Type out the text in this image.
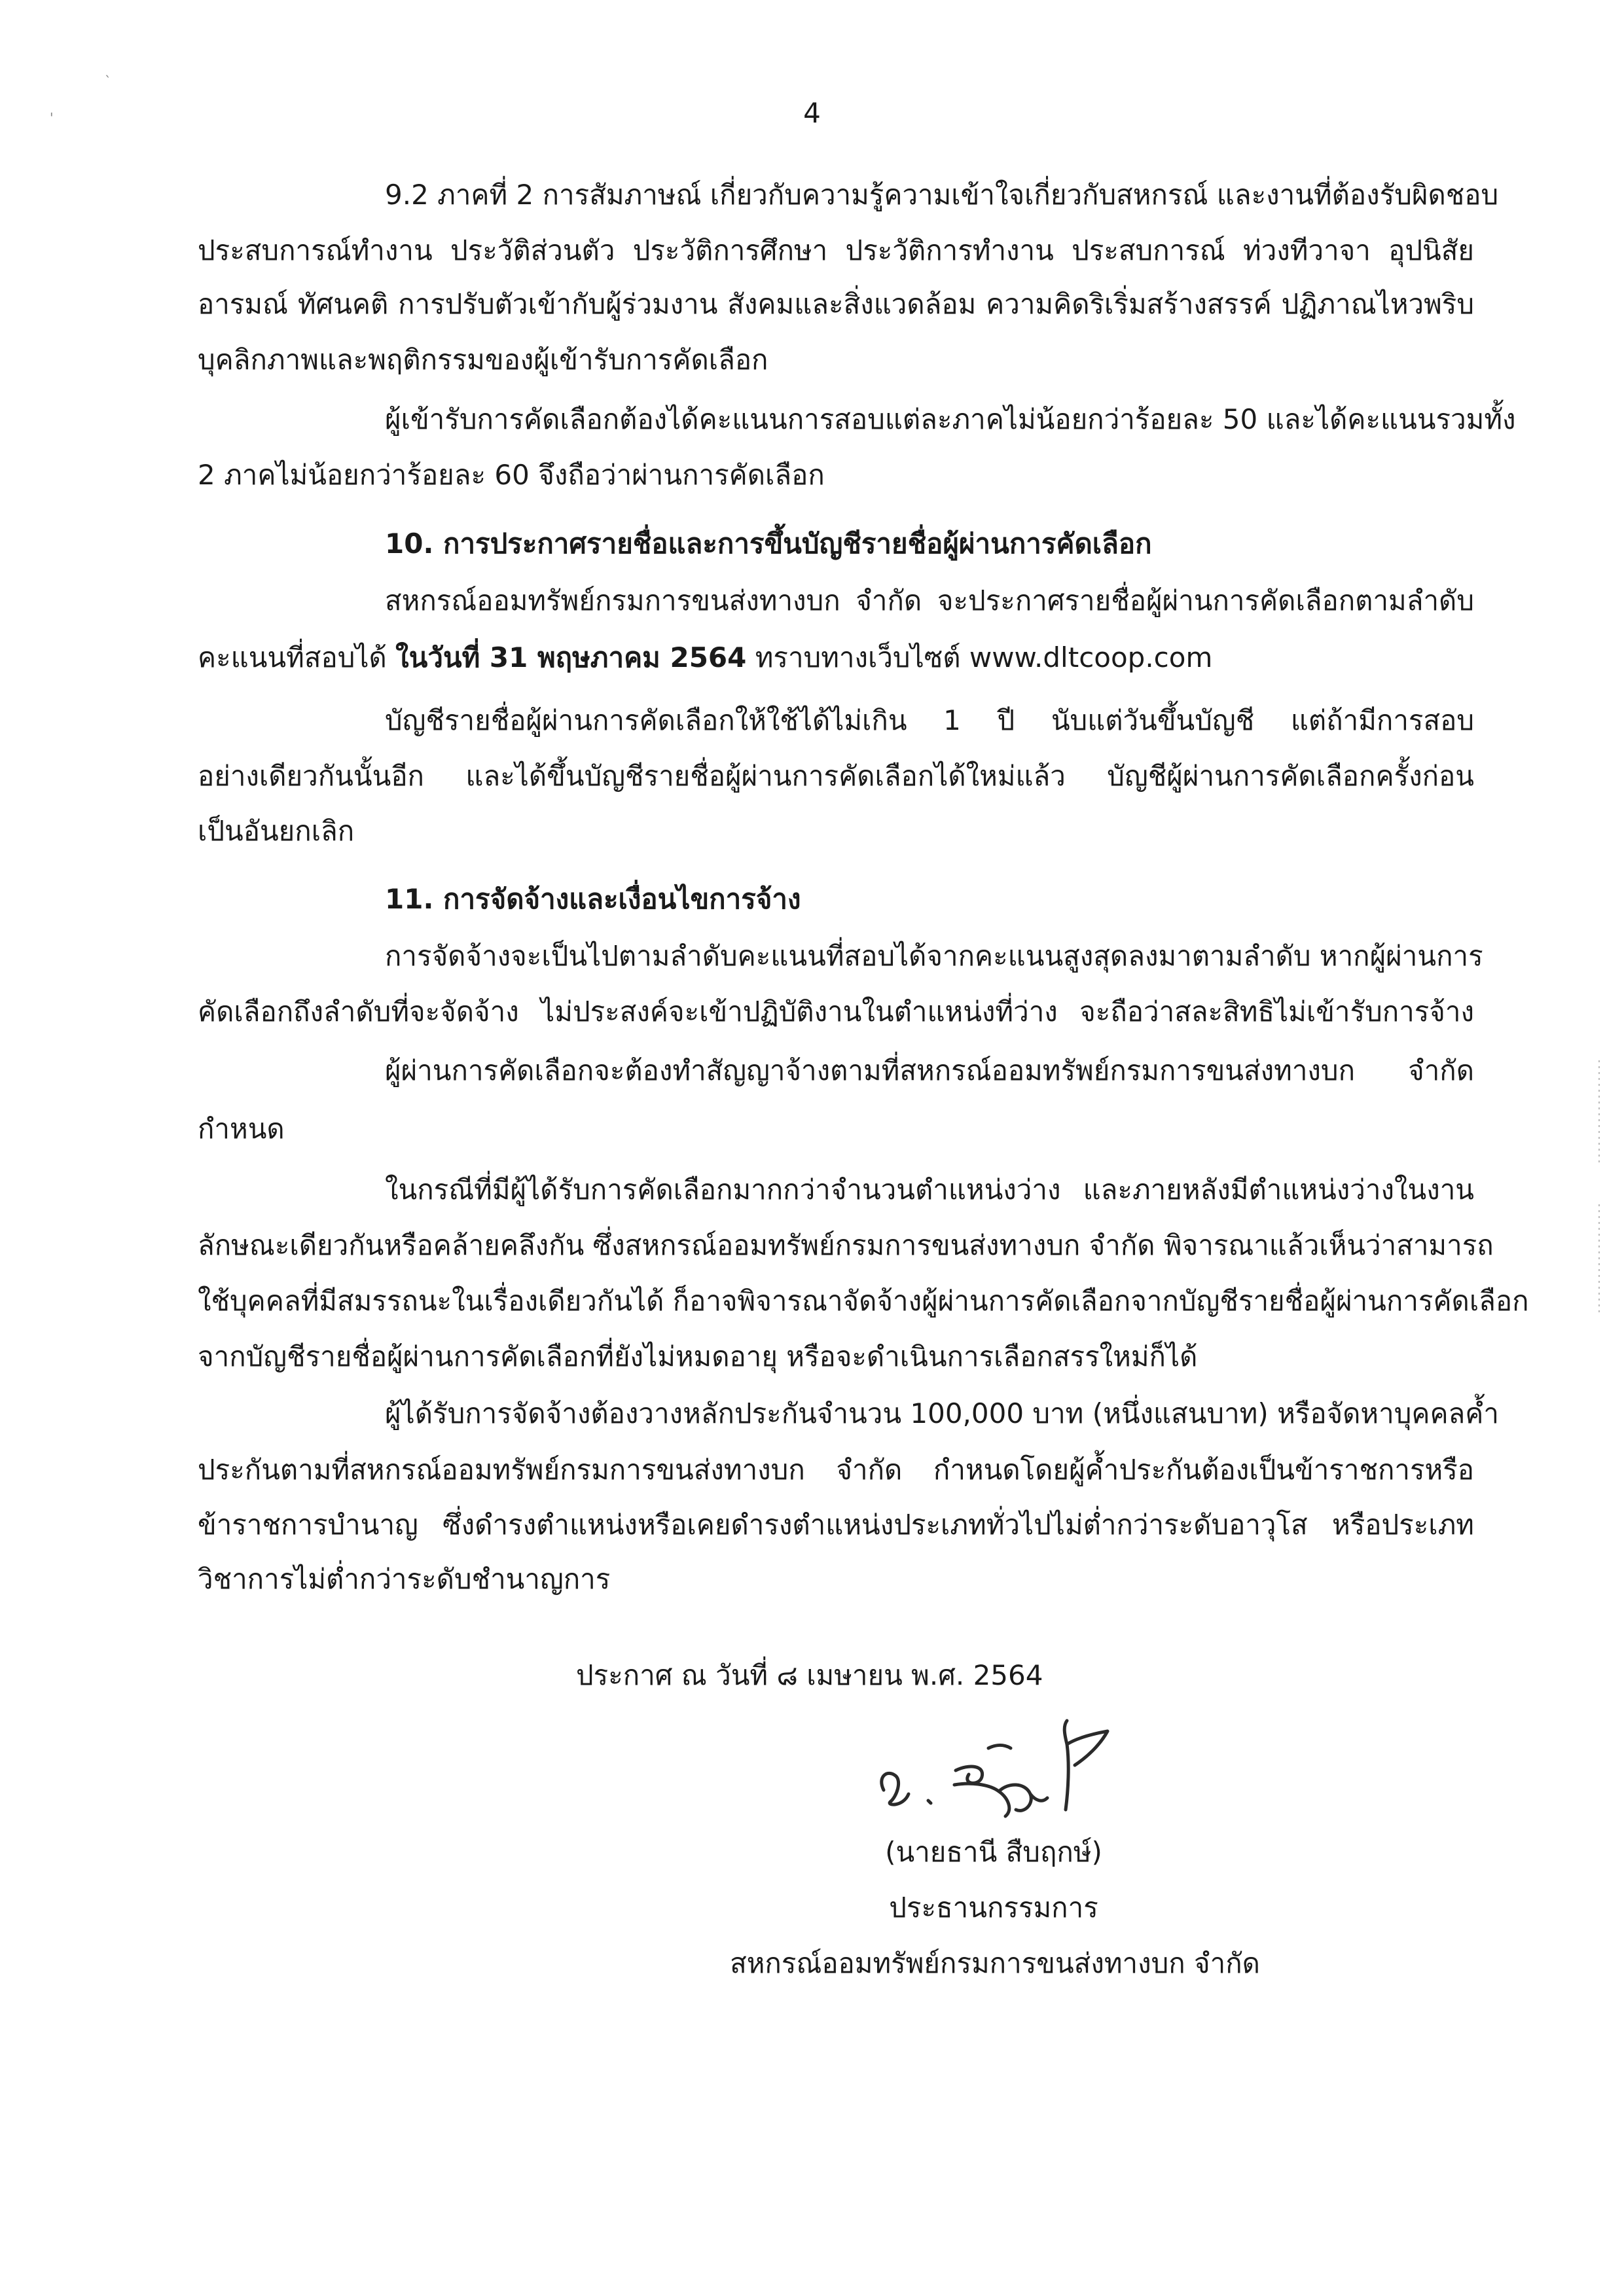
`
'	4
9.2 ภาคที่ 2 การสัมภาษณ์ เกี่ยวกับความรู้ความเข้าใจเกี่ยวกับสหกรณ์ และงานที่ต้องรับผิดชอบ
ประสบการณ์ทำงาน ประวัติส่วนตัว ประวัติการศึกษา ประวัติการทำงาน ประสบการณ์ ท่วงทีวาจา อุปนิสัย
อารมณ์ ทัศนคติ การปรับตัวเข้ากับผู้ร่วมงาน สังคมและสิ่งแวดล้อม ความคิดริเริ่มสร้างสรรค์ ปฏิภาณไหวพริบ
บุคลิกภาพและพฤติกรรมของผู้เข้ารับการคัดเลือก
ผู้เข้ารับการคัดเลือกต้องได้คะแนนการสอบแต่ละภาคไม่น้อยกว่าร้อยละ 50 และได้คะแนนรวมทั้ง
2 ภาคไม่น้อยกว่าร้อยละ 60 จึงถือว่าผ่านการคัดเลือก
10. การประกาศรายชื่อและการขึ้นบัญชีรายชื่อผู้ผ่านการคัดเลือก
สหกรณ์ออมทรัพย์กรมการขนส่งทางบก จำกัด จะประกาศรายชื่อผู้ผ่านการคัดเลือกตามลำดับ
คะแนนที่สอบได้ ในวันที่ 31 พฤษภาคม 2564 ทราบทางเว็บไซต์ www.dltcoop.com
บัญชีรายชื่อผู้ผ่านการคัดเลือกให้ใช้ได้ไม่เกิน 1 ปี นับแต่วันขึ้นบัญชี แต่ถ้ามีการสอบ
อย่างเดียวกันนั้นอีก และได้ขึ้นบัญชีรายชื่อผู้ผ่านการคัดเลือกได้ใหม่แล้ว บัญชีผู้ผ่านการคัดเลือกครั้งก่อน
เป็นอันยกเลิก
11. การจัดจ้างและเงื่อนไขการจ้าง
การจัดจ้างจะเป็นไปตามลำดับคะแนนที่สอบได้จากคะแนนสูงสุดลงมาตามลำดับ หากผู้ผ่านการ
คัดเลือกถึงลำดับที่จะจัดจ้าง ไม่ประสงค์จะเข้าปฏิบัติงานในตำแหน่งที่ว่าง จะถือว่าสละสิทธิไม่เข้ารับการจ้าง
ผู้ผ่านการคัดเลือกจะต้องทำสัญญาจ้างตามที่สหกรณ์ออมทรัพย์กรมการขนส่งทางบก จำกัด
กำหนด
ในกรณีที่มีผู้ได้รับการคัดเลือกมากกว่าจำนวนตำแหน่งว่าง และภายหลังมีตำแหน่งว่างในงาน
ลักษณะเดียวกันหรือคล้ายคลึงกัน ซึ่งสหกรณ์ออมทรัพย์กรมการขนส่งทางบก จำกัด พิจารณาแล้วเห็นว่าสามารถ
ใช้บุคคลที่มีสมรรถนะในเรื่องเดียวกันได้ ก็อาจพิจารณาจัดจ้างผู้ผ่านการคัดเลือกจากบัญชีรายชื่อผู้ผ่านการคัดเลือก
จากบัญชีรายชื่อผู้ผ่านการคัดเลือกที่ยังไม่หมดอายุ หรือจะดำเนินการเลือกสรรใหม่ก็ได้
ผู้ได้รับการจัดจ้างต้องวางหลักประกันจำนวน 100,000 บาท (หนึ่งแสนบาท) หรือจัดหาบุคคลค้ำ
ประกันตามที่สหกรณ์ออมทรัพย์กรมการขนส่งทางบก จำกัด กำหนดโดยผู้ค้ำประกันต้องเป็นข้าราชการหรือ
ข้าราชการบำนาญ ซึ่งดำรงตำแหน่งหรือเคยดำรงตำแหน่งประเภททั่วไปไม่ต่ำกว่าระดับอาวุโส หรือประเภท
วิชาการไม่ต่ำกว่าระดับชำนาญการ
ประกาศ ณ วันที่ ๘ เมษายน พ.ศ. 2564
(นายธานี สืบฤกษ์)
ประธานกรรมการ
สหกรณ์ออมทรัพย์กรมการขนส่งทางบก จำกัด
